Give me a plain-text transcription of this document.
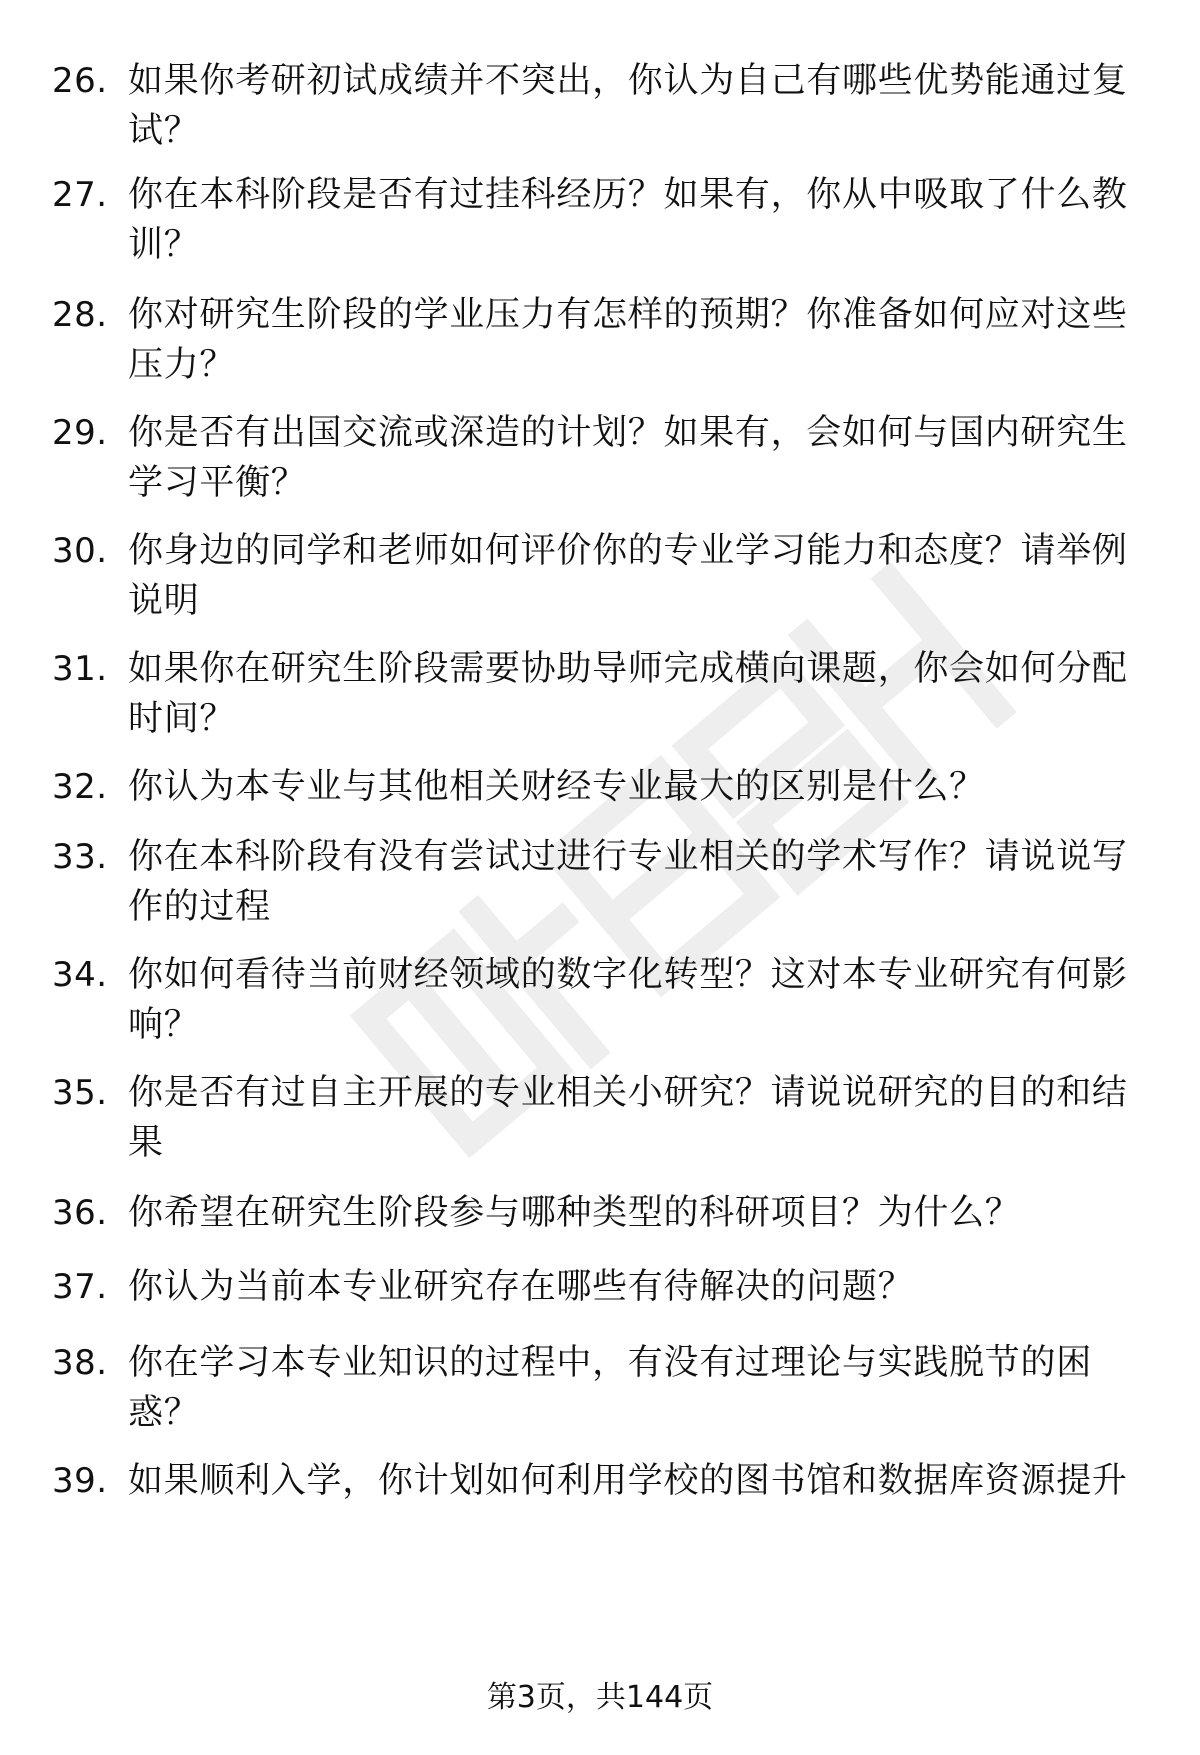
26. 如果你考研初试成绩并不突出，你认为自己有哪些优势能通过复试？
27. 你在本科阶段是否有过挂科经历？如果有，你从中吸取了什么教训？
28. 你对研究生阶段的学业压力有怎样的预期？你准备如何应对这些压力？
29. 你是否有出国交流或深造的计划？如果有，会如何与国内研究生学习平衡？
30. 你身边的同学和老师如何评价你的专业学习能力和态度？请举例说明
31. 如果你在研究生阶段需要协助导师完成横向课题，你会如何分配时间？
32. 你认为本专业与其他相关财经专业最大的区别是什么？
33. 你在本科阶段有没有尝试过进行专业相关的学术写作？请说说写作的过程
34. 你如何看待当前财经领域的数字化转型？这对本专业研究有何影响？
35. 你是否有过自主开展的专业相关小研究？请说说研究的目的和结果
36. 你希望在研究生阶段参与哪种类型的科研项目？为什么？
37. 你认为当前本专业研究存在哪些有待解决的问题？
38. 你在学习本专业知识的过程中，有没有过理论与实践脱节的困惑？
39. 如果顺利入学，你计划如何利用学校的图书馆和数据库资源提升
第3页，共144页
